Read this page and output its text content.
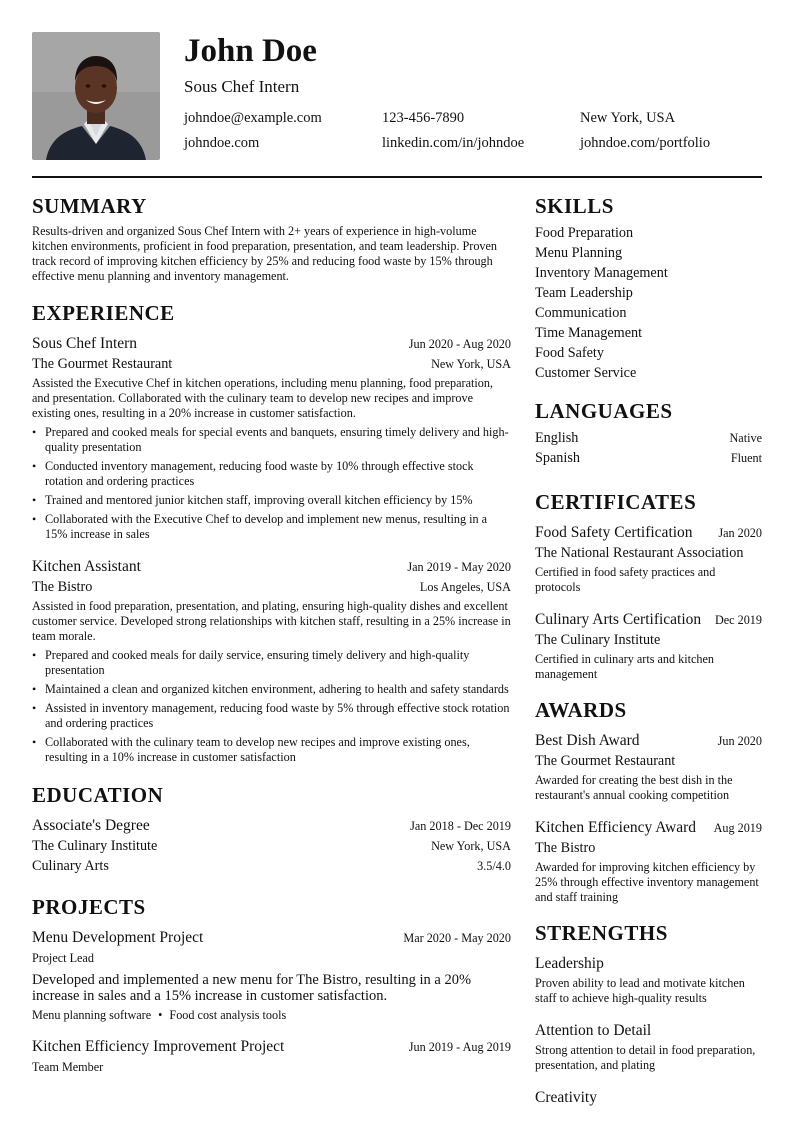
John Doe
Sous Chef Intern
johndoe@example.com	123-456-7890	New York, USA
johndoe.com	linkedin.com/in/johndoe	johndoe.com/portfolio
SUMMARY
Results-driven and organized Sous Chef Intern with 2+ years of experience in high-volume kitchen environments, proficient in food preparation, presentation, and team leadership. Proven track record of improving kitchen efficiency by 25% and reducing food waste by 15% through effective menu planning and inventory management.
EXPERIENCE
Sous Chef Intern	Jun 2020 - Aug 2020
The Gourmet Restaurant	New York, USA
Assisted the Executive Chef in kitchen operations, including menu planning, food preparation, and presentation. Collaborated with the culinary team to develop new recipes and improve existing ones, resulting in a 20% increase in customer satisfaction.
• Prepared and cooked meals for special events and banquets, ensuring timely delivery and high-quality presentation
• Conducted inventory management, reducing food waste by 10% through effective stock rotation and ordering practices
• Trained and mentored junior kitchen staff, improving overall kitchen efficiency by 15%
• Collaborated with the Executive Chef to develop and implement new menus, resulting in a 15% increase in sales
Kitchen Assistant	Jan 2019 - May 2020
The Bistro	Los Angeles, USA
Assisted in food preparation, presentation, and plating, ensuring high-quality dishes and excellent customer service. Developed strong relationships with kitchen staff, resulting in a 25% increase in team morale.
• Prepared and cooked meals for daily service, ensuring timely delivery and high-quality presentation
• Maintained a clean and organized kitchen environment, adhering to health and safety standards
• Assisted in inventory management, reducing food waste by 5% through effective stock rotation and ordering practices
• Collaborated with the culinary team to develop new recipes and improve existing ones, resulting in a 10% increase in customer satisfaction
EDUCATION
Associate's Degree	Jan 2018 - Dec 2019
The Culinary Institute	New York, USA
Culinary Arts	3.5/4.0
PROJECTS
Menu Development Project	Mar 2020 - May 2020
Project Lead
Developed and implemented a new menu for The Bistro, resulting in a 20% increase in sales and a 15% increase in customer satisfaction.
Menu planning software • Food cost analysis tools
Kitchen Efficiency Improvement Project	Jun 2019 - Aug 2019
Team Member
SKILLS
Food Preparation
Menu Planning
Inventory Management
Team Leadership
Communication
Time Management
Food Safety
Customer Service
LANGUAGES
English	Native
Spanish	Fluent
CERTIFICATES
Food Safety Certification Jan 2020
The National Restaurant Association
Certified in food safety practices and protocols
Culinary Arts Certification Dec 2019
The Culinary Institute
Certified in culinary arts and kitchen management
AWARDS
Best Dish Award	Jun 2020
The Gourmet Restaurant
Awarded for creating the best dish in the restaurant's annual cooking competition
Kitchen Efficiency Award Aug 2019
The Bistro
Awarded for improving kitchen efficiency by 25% through effective inventory management and staff training
STRENGTHS
Leadership
Proven ability to lead and motivate kitchen staff to achieve high-quality results
Attention to Detail
Strong attention to detail in food preparation, presentation, and plating
Creativity
